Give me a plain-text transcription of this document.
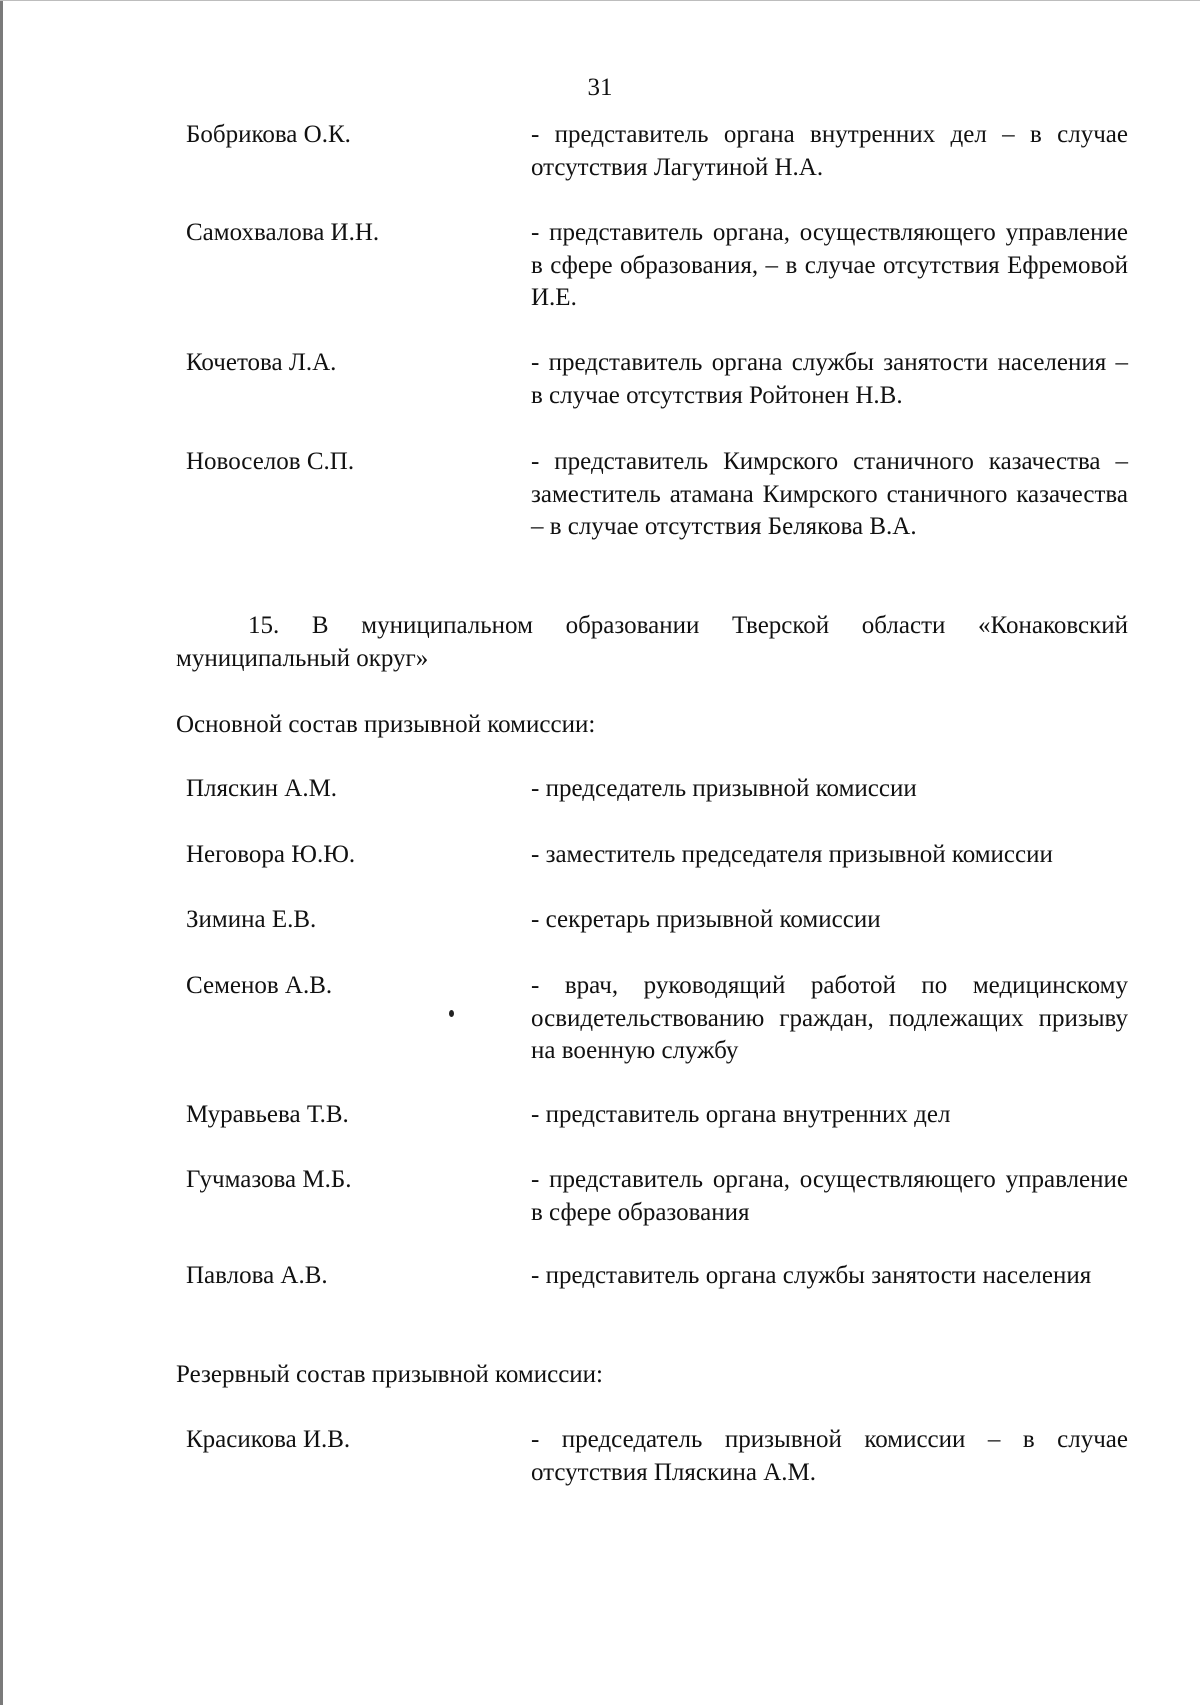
31
Бобрикова О.К.	- представитель органа внутренних дел – в случае отсутствия Лагутиной Н.А.
Самохвалова И.Н.	- представитель органа, осуществляющего управление в сфере образования, – в случае отсутствия Ефремовой И.Е.
Кочетова Л.А.	- представитель органа службы занятости населения – в случае отсутствия Ройтонен Н.В.
Новоселов С.П.	- представитель Кимрского станичного казачества – заместитель атамана Кимрского станичного казачества – в случае отсутствия Белякова В.А.
15. В муниципальном образовании Тверской области «Конаковский муниципальный округ»
Основной состав призывной комиссии:
Пляскин А.М.	- председатель призывной комиссии
Неговора Ю.Ю.	- заместитель председателя призывной комиссии
Зимина Е.В.	- секретарь призывной комиссии
Семенов А.В.	- врач, руководящий работой по медицинскому освидетельствованию граждан, подлежащих призыву на военную службу
Муравьева Т.В.	- представитель органа внутренних дел
Гучмазова М.Б.	- представитель органа, осуществляющего управление в сфере образования
Павлова А.В.	- представитель органа службы занятости населения
Резервный состав призывной комиссии:
Красикова И.В.	- председатель призывной комиссии – в случае отсутствия Пляскина А.М.
